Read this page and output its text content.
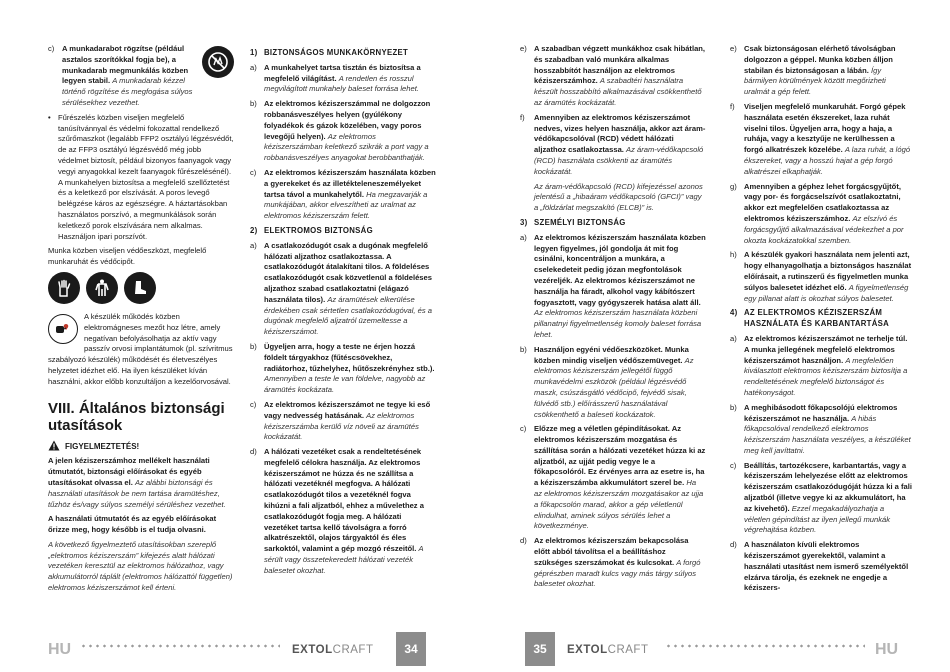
c) A munkadarabot rögzítse (például asztalos szorítókkal fogja be), a munkadarab megmunkálás közben legyen stabil. A munkadarab kézzel történő rögzítése és megfogása súlyos sérülésekhez vezethet.
• Fűrészelés közben viseljen megfelelő tanúsítvánnyal és védelmi fokozattal rendelkező szűrőmaszkot (legalább FFP2 osztályú légzésvédőt, de az FFP3 osztályú légzésvédő még jobb védelmet biztosít, például bizonyos faanyagok vagy vegyi anyagokkal kezelt faanyagok fűrészelésénél). A munkahelyen biztosítsa a megfelelő szellőztetést és a keletkező por elszívását. A poros levegő belégzése káros az egészségre. A háztartásokban használatos porszívó, a megmunkálások során keletkező porok elszívására nem alkalmas. Használjon ipari porszívót.

Munka közben viseljen védőeszközt, megfelelő munkaruhát és védőcipőt.

A készülék működés közben elektromágneses mezőt hoz létre, amely negatívan befolyásolhatja az aktív vagy passzív orvosi implantátumok (pl. szívritmus szabályozó készülék) működését és életveszélyes helyzetet idézhet elő. Ha ilyen készüléket kíván használni, akkor előbb konzultáljon a kezelőorvosával.

VIII. Általános biztonsági utasítások
FIGYELMEZTETÉS!

A jelen kéziszerszámhoz mellékelt használati útmutatót, biztonsági előírásokat és egyéb utasításokat olvassa el. Az alábbi biztonsági és használati utasítások be nem tartása áramütéshez, tűzhöz és/vagy súlyos személyi sérüléshez vezethet.

A használati útmutatót és az egyéb előírásokat őrizze meg, hogy később is el tudja olvasni.

A következő figyelmeztető utasításokban szereplő „elektromos kéziszerszám” kifejezés alatt hálózati vezetéken keresztül az elektromos hálózathoz, vagy akkumulátorról táplált (elektromos hálózattól független) elektromos kéziszerszámot kell érteni.

1) BIZTONSÁGOS MUNKAKÖRNYEZET
a) A munkahelyet tartsa tisztán és biztosítsa a megfelelő világítást. A rendetlen és rosszul megvilágított munkahely baleset forrása lehet.
b) Az elektromos kéziszerszámmal ne dolgozzon robbanásveszélyes helyen (gyúlékony folyadékok és gázok közelében, vagy poros levegőjű helyen). Az elektromos kéziszerszámban keletkező szikrák a port vagy a robbanásveszélyes anyagokat berobbanthatják.
c) Az elektromos kéziszerszám használata közben a gyerekeket és az illetékteleneszemélyeket tartsa távol a munkahelytől. Ha megzavarják a munkájában, akkor elveszítheti az uralmat az elektromos kéziszerszám felett.
2) ELEKTROMOS BIZTONSÁG
a) A csatlakozódugót csak a dugónak megfelelő hálózati aljzathoz csatlakoztassa. A csatlakozódugót átalakítani tilos. A földeléses csatlakozódugót csak közvetlenül a földeléses aljzathoz szabad csatlakoztatni (elágazó használata tilos). Az áramütések elkerülése érdekében csak sértetlen csatlakozódugóval, és a dugónak megfelelő aljzatról üzemeltesse a kéziszerszámot.
b) Ügyeljen arra, hogy a teste ne érjen hozzá földelt tárgyakhoz (fűtéscsövekhez, radiátorhoz, tűzhelyhez, hűtőszekrényhez stb.). Amennyiben a teste le van földelve, nagyobb az áramütés kockázata.
c) Az elektromos kéziszerszámot ne tegye ki eső vagy nedvesség hatásának. Az elektromos kéziszerszámba kerülő víz növeli az áramütés kockázatát.
d) A hálózati vezetéket csak a rendeltetésének megfelelő célokra használja. Az elektromos kéziszerszámot ne húzza és ne szállítsa a hálózati vezetéknél megfogva. A hálózati csatlakozódugót tilos a vezetéknél fogva kihúzni a fali aljzatból, ehhez a művelethez a csatlakozódugót fogja meg. A hálózati vezetéket tartsa kellő távolságra a forró alkatrészektől, olajos tárgyaktól és éles sarkoktól, valamint a gép mozgó részeitől. A sérült vagy összetekeredett hálózati vezeték balesetet okozhat.
HU	EXTOLCRAFT	34
e) A szabadban végzett munkákhoz csak hibátlan, és szabadban való munkára alkalmas hosszabbítót használjon az elektromos kéziszerszámhoz. A szabadtéri használatra készült hosszabbító alkalmazásával csökkenthető az áramütés kockázatát.
f) Amennyiben az elektromos kéziszerszámot nedves, vizes helyen használja, akkor azt áram-védőkapcsolóval (RCD) védett hálózati aljzathoz csatlakoztassa. Az áram-védőkapcsoló (RCD) használata csökkenti az áramütés kockázatát.
Az áram-védőkapcsoló (RCD) kifejezéssel azonos jelentésű a „hibaáram védőkapcsoló (GFCI)” vagy a „földzárlat megszakító (ELCB)” is.
3) SZEMÉLYI BIZTONSÁG
a) Az elektromos kéziszerszám használata közben legyen figyelmes, jól gondolja át mit fog csinálni, koncentráljon a munkára, a cselekedeteit pedig józan megfontolások vezéreljék. Az elektromos kéziszerszámot ne használja ha fáradt, alkohol vagy kábítószert fogyasztott, vagy gyógyszerek hatása alatt áll. Az elektromos kéziszerszám használata közbeni pillanatnyi figyelmetlenség komoly baleset forrása lehet.
b) Használjon egyéni védőeszközöket. Munka közben mindig viseljen védőszemüveget. Az elektromos kéziszerszám jellegétől függő munkavédelmi eszközök (például légzésvédő maszk, csúszásgátló védőcipő, fejvédő sisak, fülvédő stb.) előírásszerű használatával csökkenthető a baleseti kockázatok.
c) Előzze meg a véletlen gépindításokat. Az elektromos kéziszerszám mozgatása és szállítása során a hálózati vezetéket húzza ki az aljzatból, az ujját pedig vegye le a főkapcsolóról. Ez érvényes arra az esetre is, ha a kéziszerszámba akkumulátort szerel be. Ha az elektromos kéziszerszám mozgatásakor az ujja a főkapcsolón marad, akkor a gép véletlenül elindulhat, aminek súlyos sérülés lehet a következménye.
d) Az elektromos kéziszerszám bekapcsolása előtt abból távolítsa el a beállításhoz szükséges szerszámokat és kulcsokat. A forgó géprészben maradt kulcs vagy más tárgy súlyos balesetet okozhat.
e) Csak biztonságosan elérhető távolságban dolgozzon a géppel. Munka közben álljon stabilan és biztonságosan a lábán. Így bármilyen körülmények között megőrizheti uralmát a gép felett.
f) Viseljen megfelelő munkaruhát. Forgó gépek használata esetén ékszereket, laza ruhát viselni tilos. Ügyeljen arra, hogy a haja, a ruhája, vagy a kesztyűje ne kerülhessen a forgó alkatrészek közelébe. A laza ruhát, a lógó ékszereket, vagy a hosszú hajat a gép forgó alkatrészei elkaphatják.
g) Amennyiben a géphez lehet forgácsgyűjtőt, vagy por- és forgácselszívót csatlakoztatni, akkor ezt megfelelően csatlakoztassa az elektromos kéziszerszámhoz. Az elszívó és forgácsgyűjtő alkalmazásával védekezhet a por okozta kockázatokkal szemben.
h) A készülék gyakori használata nem jelenti azt, hogy elhanyagolhatja a biztonságos használat előírásait, a rutinszerű és figyelmetlen munka súlyos balesetet idézhet elő. A figyelmetlenség egy pillanat alatt is okozhat súlyos balesetet.
4) AZ ELEKTROMOS KÉZISZERSZÁM HASZNÁLATA ÉS KARBANTARTÁSA
a) Az elektromos kéziszerszámot ne terhelje túl. A munka jellegének megfelelő elektromos kéziszerszámot használjon. A megfelelően kiválasztott elektromos kéziszerszám biztosítja a rendeltetésének megfelelő biztonságot és hatékonyságot.
b) A meghibásodott főkapcsolójú elektromos kéziszerszámot ne használja. A hibás főkapcsolóval rendelkező elektromos kéziszerszám használata veszélyes, a készüléket meg kell javíttatni.
c) Beállítás, tartozékcsere, karbantartás, vagy a kéziszerszám lehelyezése előtt az elektromos kéziszerszám csatlakozódugóját húzza ki a fali aljzatból (illetve vegye ki az akkumulátort, ha az kivehető). Ezzel megakadályozhatja a véletlen gépindítást az ilyen jellegű munkák végrehajtása közben.
d) A használaton kívüli elektromos kéziszerszámot gyerekektől, valamint a használati utasítást nem ismerő személyektől elzárva tárolja, és ezeknek ne engedje a kéziszers-
35	EXTOLCRAFT	HU
